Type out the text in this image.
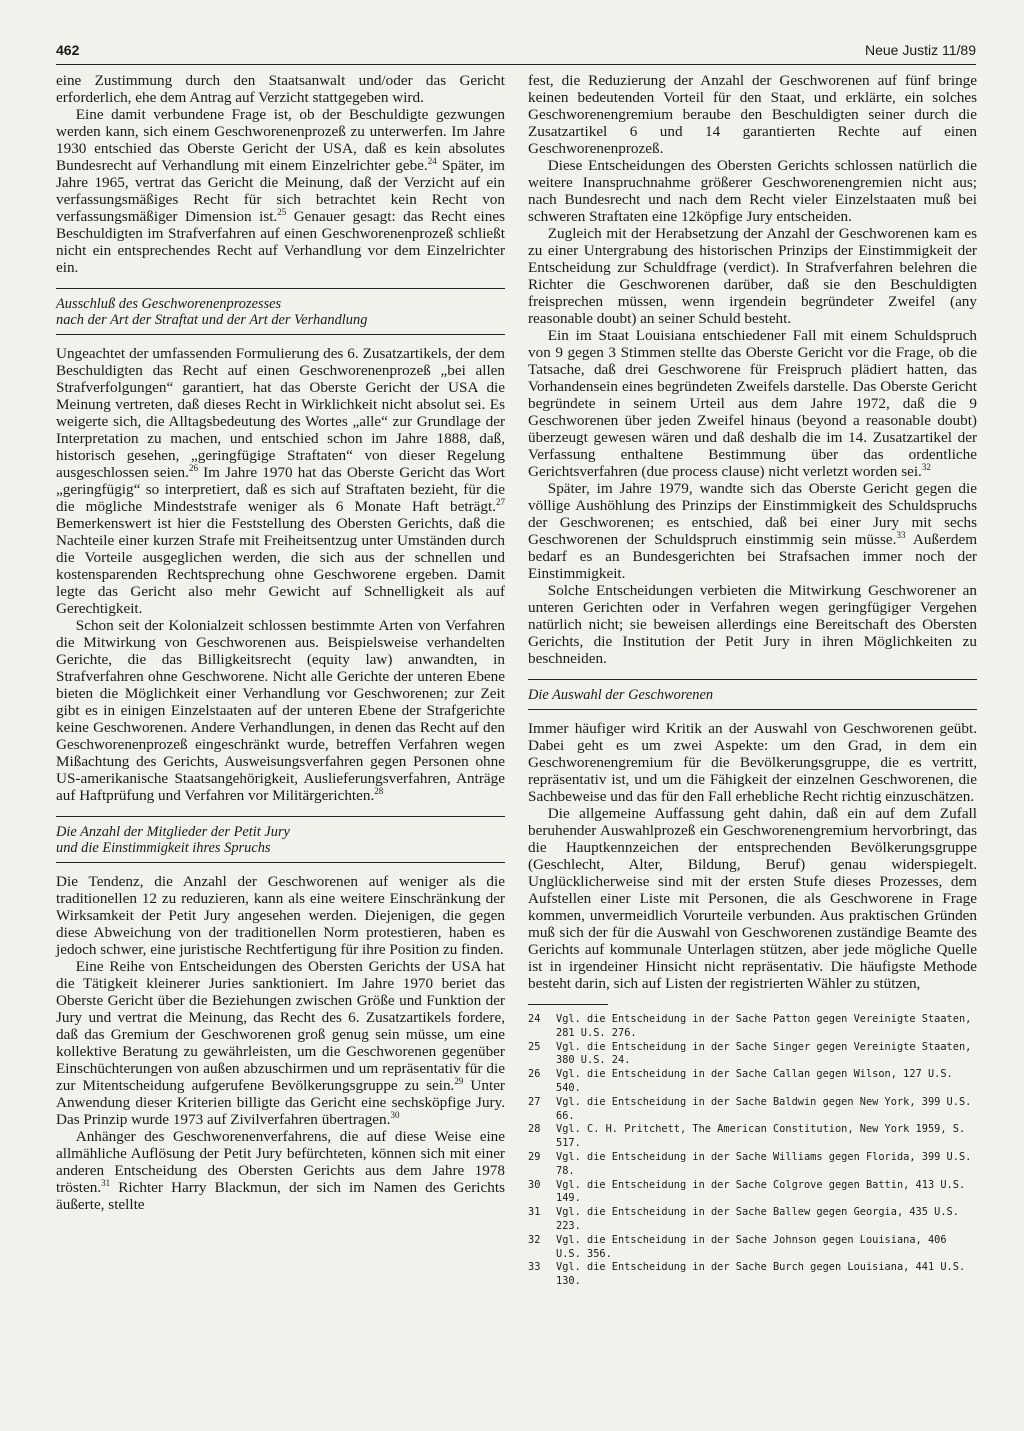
462	Neue Justiz 11/89

eine Zustimmung durch den Staatsanwalt und/oder das Gericht erforderlich, ehe dem Antrag auf Verzicht stattgegeben wird.

Eine damit verbundene Frage ist, ob der Beschuldigte gezwungen werden kann, sich einem Geschworenenprozeß zu unterwerfen. Im Jahre 1930 entschied das Oberste Gericht der USA, daß es kein absolutes Bundesrecht auf Verhandlung mit einem Einzelrichter gebe.$^{24}$ Später, im Jahre 1965, vertrat das Gericht die Meinung, daß der Verzicht auf ein verfassungsmäßiges Recht für sich betrachtet kein Recht von verfassungsmäßiger Dimension ist.$^{25}$ Genauer gesagt: das Recht eines Beschuldigten im Strafverfahren auf einen Geschworenenprozeß schließt nicht ein entsprechendes Recht auf Verhandlung vor dem Einzelrichter ein.

Ausschluß des Geschworenenprozesses
nach der Art der Straftat und der Art der Verhandlung

Ungeachtet der umfassenden Formulierung des 6. Zusatzartikels, der dem Beschuldigten das Recht auf einen Geschworenenprozeß „bei allen Strafverfolgungen“ garantiert, hat das Oberste Gericht der USA die Meinung vertreten, daß dieses Recht in Wirklichkeit nicht absolut sei. Es weigerte sich, die Alltagsbedeutung des Wortes „alle“ zur Grundlage der Interpretation zu machen, und entschied schon im Jahre 1888, daß, historisch gesehen, „geringfügige Straftaten“ von dieser Regelung ausgeschlossen seien.$^{26}$ Im Jahre 1970 hat das Oberste Gericht das Wort „geringfügig“ so interpretiert, daß es sich auf Straftaten bezieht, für die die mögliche Mindeststrafe weniger als 6 Monate Haft beträgt.$^{27}$ Bemerkenswert ist hier die Feststellung des Obersten Gerichts, daß die Nachteile einer kurzen Strafe mit Freiheitsentzug unter Umständen durch die Vorteile ausgeglichen werden, die sich aus der schnellen und kostensparenden Rechtsprechung ohne Geschworene ergeben. Damit legte das Gericht also mehr Gewicht auf Schnelligkeit als auf Gerechtigkeit.

Schon seit der Kolonialzeit schlossen bestimmte Arten von Verfahren die Mitwirkung von Geschworenen aus. Beispielsweise verhandelten Gerichte, die das Billigkeitsrecht (equity law) anwandten, in Strafverfahren ohne Geschworene. Nicht alle Gerichte der unteren Ebene bieten die Möglichkeit einer Verhandlung vor Geschworenen; zur Zeit gibt es in einigen Einzelstaaten auf der unteren Ebene der Strafgerichte keine Geschworenen. Andere Verhandlungen, in denen das Recht auf den Geschworenenprozeß eingeschränkt wurde, betreffen Verfahren wegen Mißachtung des Gerichts, Ausweisungsverfahren gegen Personen ohne US-amerikanische Staatsangehörigkeit, Auslieferungsverfahren, Anträge auf Haftprüfung und Verfahren vor Militärgerichten.$^{28}$

Die Anzahl der Mitglieder der Petit Jury
und die Einstimmigkeit ihres Spruchs

Die Tendenz, die Anzahl der Geschworenen auf weniger als die traditionellen 12 zu reduzieren, kann als eine weitere Einschränkung der Wirksamkeit der Petit Jury angesehen werden. Diejenigen, die gegen diese Abweichung von der traditionellen Norm protestieren, haben es jedoch schwer, eine juristische Rechtfertigung für ihre Position zu finden.

Eine Reihe von Entscheidungen des Obersten Gerichts der USA hat die Tätigkeit kleinerer Juries sanktioniert. Im Jahre 1970 beriet das Oberste Gericht über die Beziehungen zwischen Größe und Funktion der Jury und vertrat die Meinung, das Recht des 6. Zusatzartikels fordere, daß das Gremium der Geschworenen groß genug sein müsse, um eine kollektive Beratung zu gewährleisten, um die Geschworenen gegenüber Einschüchterungen von außen abzuschirmen und um repräsentativ für die zur Mitentscheidung aufgerufene Bevölkerungsgruppe zu sein.$^{29}$ Unter Anwendung dieser Kriterien billigte das Gericht eine sechsköpfige Jury. Das Prinzip wurde 1973 auf Zivilverfahren übertragen.$^{30}$

Anhänger des Geschworenenverfahrens, die auf diese Weise eine allmähliche Auflösung der Petit Jury befürchteten, können sich mit einer anderen Entscheidung des Obersten Gerichts aus dem Jahre 1978 trösten.$^{31}$ Richter Harry Blackmun, der sich im Namen des Gerichts äußerte, stellte

fest, die Reduzierung der Anzahl der Geschworenen auf fünf bringe keinen bedeutenden Vorteil für den Staat, und erklärte, ein solches Geschworenengremium beraube den Beschuldigten seiner durch die Zusatzartikel 6 und 14 garantierten Rechte auf einen Geschworenenprozeß.

Diese Entscheidungen des Obersten Gerichts schlossen natürlich die weitere Inanspruchnahme größerer Geschworenengremien nicht aus; nach Bundesrecht und nach dem Recht vieler Einzelstaaten muß bei schweren Straftaten eine 12köpfige Jury entscheiden.

Zugleich mit der Herabsetzung der Anzahl der Geschworenen kam es zu einer Untergrabung des historischen Prinzips der Einstimmigkeit der Entscheidung zur Schuldfrage (verdict). In Strafverfahren belehren die Richter die Geschworenen darüber, daß sie den Beschuldigten freisprechen müssen, wenn irgendein begründeter Zweifel (any reasonable doubt) an seiner Schuld besteht.

Ein im Staat Louisiana entschiedener Fall mit einem Schuldspruch von 9 gegen 3 Stimmen stellte das Oberste Gericht vor die Frage, ob die Tatsache, daß drei Geschworene für Freispruch plädiert hatten, das Vorhandensein eines begründeten Zweifels darstelle. Das Oberste Gericht begründete in seinem Urteil aus dem Jahre 1972, daß die 9 Geschworenen über jeden Zweifel hinaus (beyond a reasonable doubt) überzeugt gewesen wären und daß deshalb die im 14. Zusatzartikel der Verfassung enthaltene Bestimmung über das ordentliche Gerichtsverfahren (due process clause) nicht verletzt worden sei.$^{32}$

Später, im Jahre 1979, wandte sich das Oberste Gericht gegen die völlige Aushöhlung des Prinzips der Einstimmigkeit des Schuldspruchs der Geschworenen; es entschied, daß bei einer Jury mit sechs Geschworenen der Schuldspruch einstimmig sein müsse.$^{33}$ Außerdem bedarf es an Bundesgerichten bei Strafsachen immer noch der Einstimmigkeit.

Solche Entscheidungen verbieten die Mitwirkung Geschworener an unteren Gerichten oder in Verfahren wegen geringfügiger Vergehen natürlich nicht; sie beweisen allerdings eine Bereitschaft des Obersten Gerichts, die Institution der Petit Jury in ihren Möglichkeiten zu beschneiden.

Die Auswahl der Geschworenen

Immer häufiger wird Kritik an der Auswahl von Geschworenen geübt. Dabei geht es um zwei Aspekte: um den Grad, in dem ein Geschworenengremium für die Bevölkerungsgruppe, die es vertritt, repräsentativ ist, und um die Fähigkeit der einzelnen Geschworenen, die Sachbeweise und das für den Fall erhebliche Recht richtig einzuschätzen.

Die allgemeine Auffassung geht dahin, daß ein auf dem Zufall beruhender Auswahlprozeß ein Geschworenengremium hervorbringt, das die Hauptkennzeichen der entsprechenden Bevölkerungsgruppe (Geschlecht, Alter, Bildung, Beruf) genau widerspiegelt. Unglücklicherweise sind mit der ersten Stufe dieses Prozesses, dem Aufstellen einer Liste mit Personen, die als Geschworene in Frage kommen, unvermeidlich Vorurteile verbunden. Aus praktischen Gründen muß sich der für die Auswahl von Geschworenen zuständige Beamte des Gerichts auf kommunale Unterlagen stützen, aber jede mögliche Quelle ist in irgendeiner Hinsicht nicht repräsentativ. Die häufigste Methode besteht darin, sich auf Listen der registrierten Wähler zu stützen,

24	Vgl. die Entscheidung in der Sache Patton gegen Vereinigte Staaten, 281 U.S. 276.
25	Vgl. die Entscheidung in der Sache Singer gegen Vereinigte Staaten, 380 U.S. 24.
26	Vgl. die Entscheidung in der Sache Callan gegen Wilson, 127 U.S. 540.
27	Vgl. die Entscheidung in der Sache Baldwin gegen New York, 399 U.S. 66.
28	Vgl. C. H. Pritchett, The American Constitution, New York 1959, S. 517.
29	Vgl. die Entscheidung in der Sache Williams gegen Florida, 399 U.S. 78.
30	Vgl. die Entscheidung in der Sache Colgrove gegen Battin, 413 U.S. 149.
31	Vgl. die Entscheidung in der Sache Ballew gegen Georgia, 435 U.S. 223.
32	Vgl. die Entscheidung in der Sache Johnson gegen Louisiana, 406 U.S. 356.
33	Vgl. die Entscheidung in der Sache Burch gegen Louisiana, 441 U.S. 130.
